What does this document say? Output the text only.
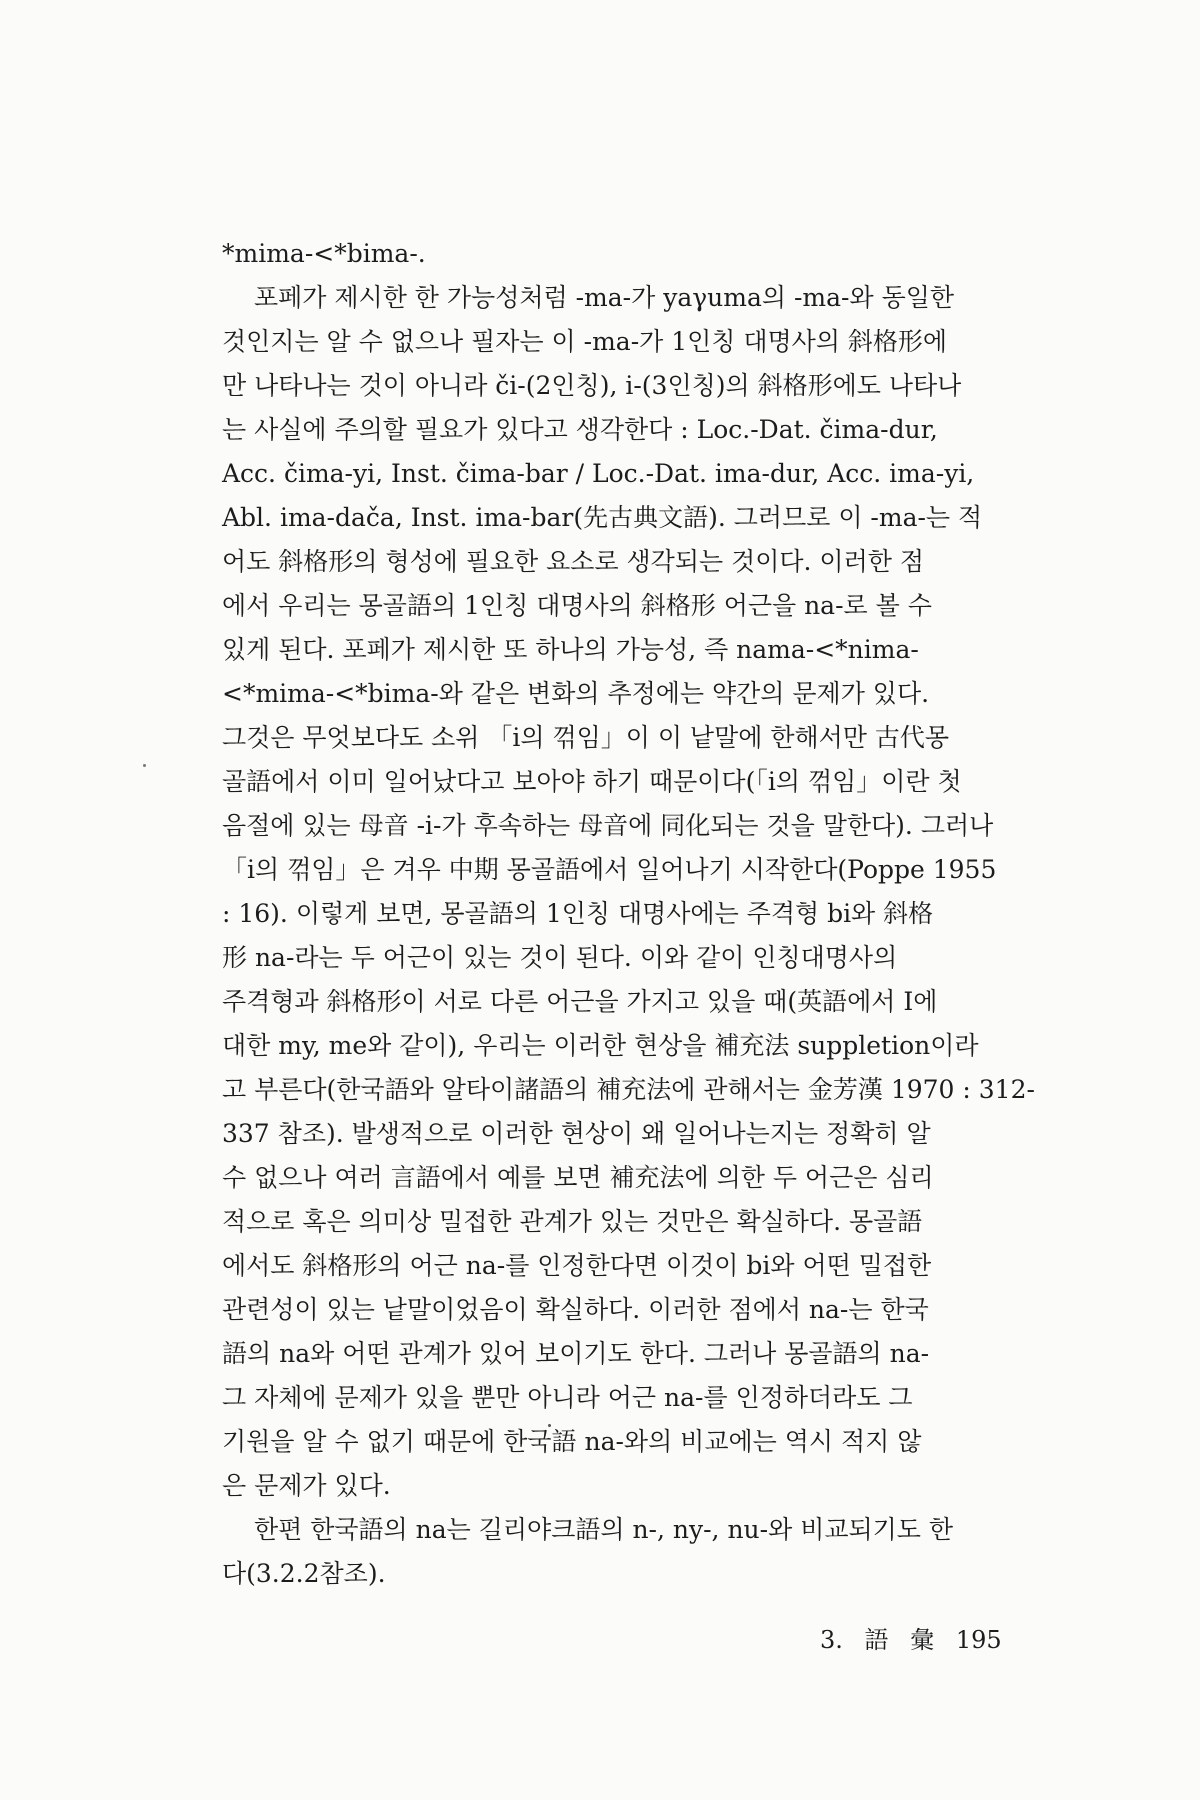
*mima-<*bima-.
포페가 제시한 한 가능성처럼 -ma-가 yaγuma의 -ma-와 동일한
것인지는 알 수 없으나 필자는 이 -ma-가 1인칭 대명사의 斜格形에
만 나타나는 것이 아니라 či-(2인칭), i-(3인칭)의 斜格形에도 나타나
는 사실에 주의할 필요가 있다고 생각한다 : Loc.-Dat. čima-dur,
Acc. čima-yi, Inst. čima-bar / Loc.-Dat. ima-dur, Acc. ima-yi,
Abl. ima-dača, Inst. ima-bar(先古典文語). 그러므로 이 -ma-는 적
어도 斜格形의 형성에 필요한 요소로 생각되는 것이다. 이러한 점
에서 우리는 몽골語의 1인칭 대명사의 斜格形 어근을 na-로 볼 수
있게 된다. 포페가 제시한 또 하나의 가능성, 즉 nama-<*nima-
<*mima-<*bima-와 같은 변화의 추정에는 약간의 문제가 있다.
그것은 무엇보다도 소위 「i의 꺾임」이 이 낱말에 한해서만 古代몽
골語에서 이미 일어났다고 보아야 하기 때문이다(「i의 꺾임」이란 첫
음절에 있는 母音 -i-가 후속하는 母音에 同化되는 것을 말한다). 그러나
「i의 꺾임」은 겨우 中期 몽골語에서 일어나기 시작한다(Poppe 1955
: 16). 이렇게 보면, 몽골語의 1인칭 대명사에는 주격형 bi와 斜格
形 na-라는 두 어근이 있는 것이 된다. 이와 같이 인칭대명사의
주격형과 斜格形이 서로 다른 어근을 가지고 있을 때(英語에서 I에
대한 my, me와 같이), 우리는 이러한 현상을 補充法 suppletion이라
고 부른다(한국語와 알타이諸語의 補充法에 관해서는 金芳漢 1970 : 312-
337 참조). 발생적으로 이러한 현상이 왜 일어나는지는 정확히 알
수 없으나 여러 言語에서 예를 보면 補充法에 의한 두 어근은 심리
적으로 혹은 의미상 밀접한 관계가 있는 것만은 확실하다. 몽골語
에서도 斜格形의 어근 na-를 인정한다면 이것이 bi와 어떤 밀접한
관련성이 있는 낱말이었음이 확실하다. 이러한 점에서 na-는 한국
語의 na와 어떤 관계가 있어 보이기도 한다. 그러나 몽골語의 na-
그 자체에 문제가 있을 뿐만 아니라 어근 na-를 인정하더라도 그
기원을 알 수 없기 때문에 한국語 na-와의 비교에는 역시 적지 않
은 문제가 있다.
한편 한국語의 na는 길리야크語의 n-, ny-, nu-와 비교되기도 한
다(3.2.2참조).
3. 語 彙 195
